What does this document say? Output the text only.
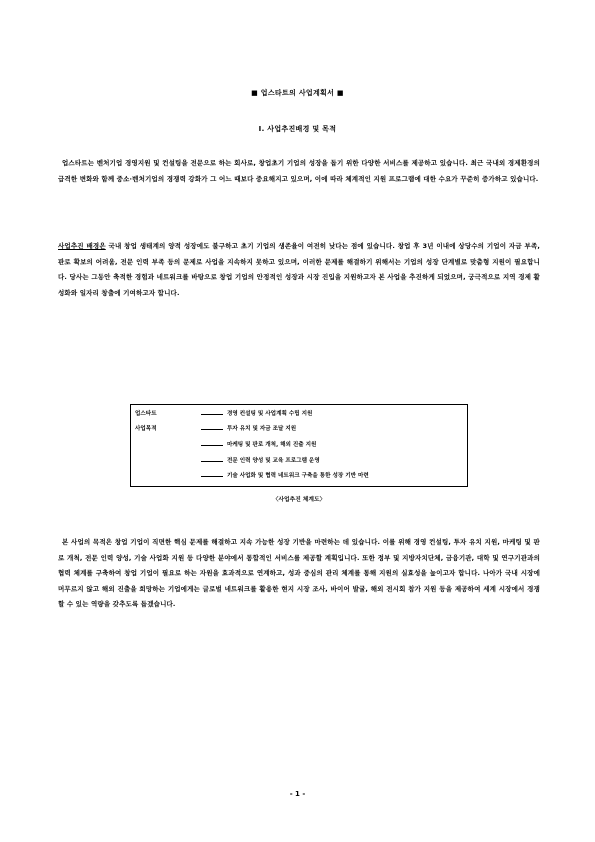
■ 업스타트의 사업계획서 ■
I. 사업추진배경 및 목적

업스타트는 벤처기업 경영지원 및 컨설팅을 전문으로 하는 회사로, 창업초기 기업의 성장을 돕기 위한 다양한 서비스를 제공하고 있습니다. 최근 국내외 경제환경의 급격한 변화와 함께 중소·벤처기업의 경쟁력 강화가 그 어느 때보다 중요해지고 있으며, 이에 따라 체계적인 지원 프로그램에 대한 수요가 꾸준히 증가하고 있습니다.

사업추진 배경은 국내 창업 생태계의 양적 성장에도 불구하고 초기 기업의 생존율이 여전히 낮다는 점에 있습니다. 창업 후 3년 이내에 상당수의 기업이 자금 부족, 판로 확보의 어려움, 전문 인력 부족 등의 문제로 사업을 지속하지 못하고 있으며, 이러한 문제를 해결하기 위해서는 기업의 성장 단계별로 맞춤형 지원이 필요합니다. 당사는 그동안 축적한 경험과 네트워크를 바탕으로 창업 기업의 안정적인 성장과 시장 진입을 지원하고자 본 사업을 추진하게 되었으며, 궁극적으로 지역 경제 활성화와 일자리 창출에 기여하고자 합니다.

업스타트	경영 컨설팅 및 사업계획 수립 지원
사업목적	투자 유치 및 자금 조달 지원
마케팅 및 판로 개척, 해외 진출 지원
전문 인력 양성 및 교육 프로그램 운영
기술 사업화 및 협력 네트워크 구축을 통한 성장 기반 마련
〈사업추진 체계도〉

본 사업의 목적은 창업 기업이 직면한 핵심 문제를 해결하고 지속 가능한 성장 기반을 마련하는 데 있습니다. 이를 위해 경영 컨설팅, 투자 유치 지원, 마케팅 및 판로 개척, 전문 인력 양성, 기술 사업화 지원 등 다양한 분야에서 통합적인 서비스를 제공할 계획입니다. 또한 정부 및 지방자치단체, 금융기관, 대학 및 연구기관과의 협력 체계를 구축하여 창업 기업이 필요로 하는 자원을 효과적으로 연계하고, 성과 중심의 관리 체계를 통해 지원의 실효성을 높이고자 합니다. 나아가 국내 시장에 머무르지 않고 해외 진출을 희망하는 기업에게는 글로벌 네트워크를 활용한 현지 시장 조사, 바이어 발굴, 해외 전시회 참가 지원 등을 제공하여 세계 시장에서 경쟁할 수 있는 역량을 갖추도록 돕겠습니다.

- 1 -
